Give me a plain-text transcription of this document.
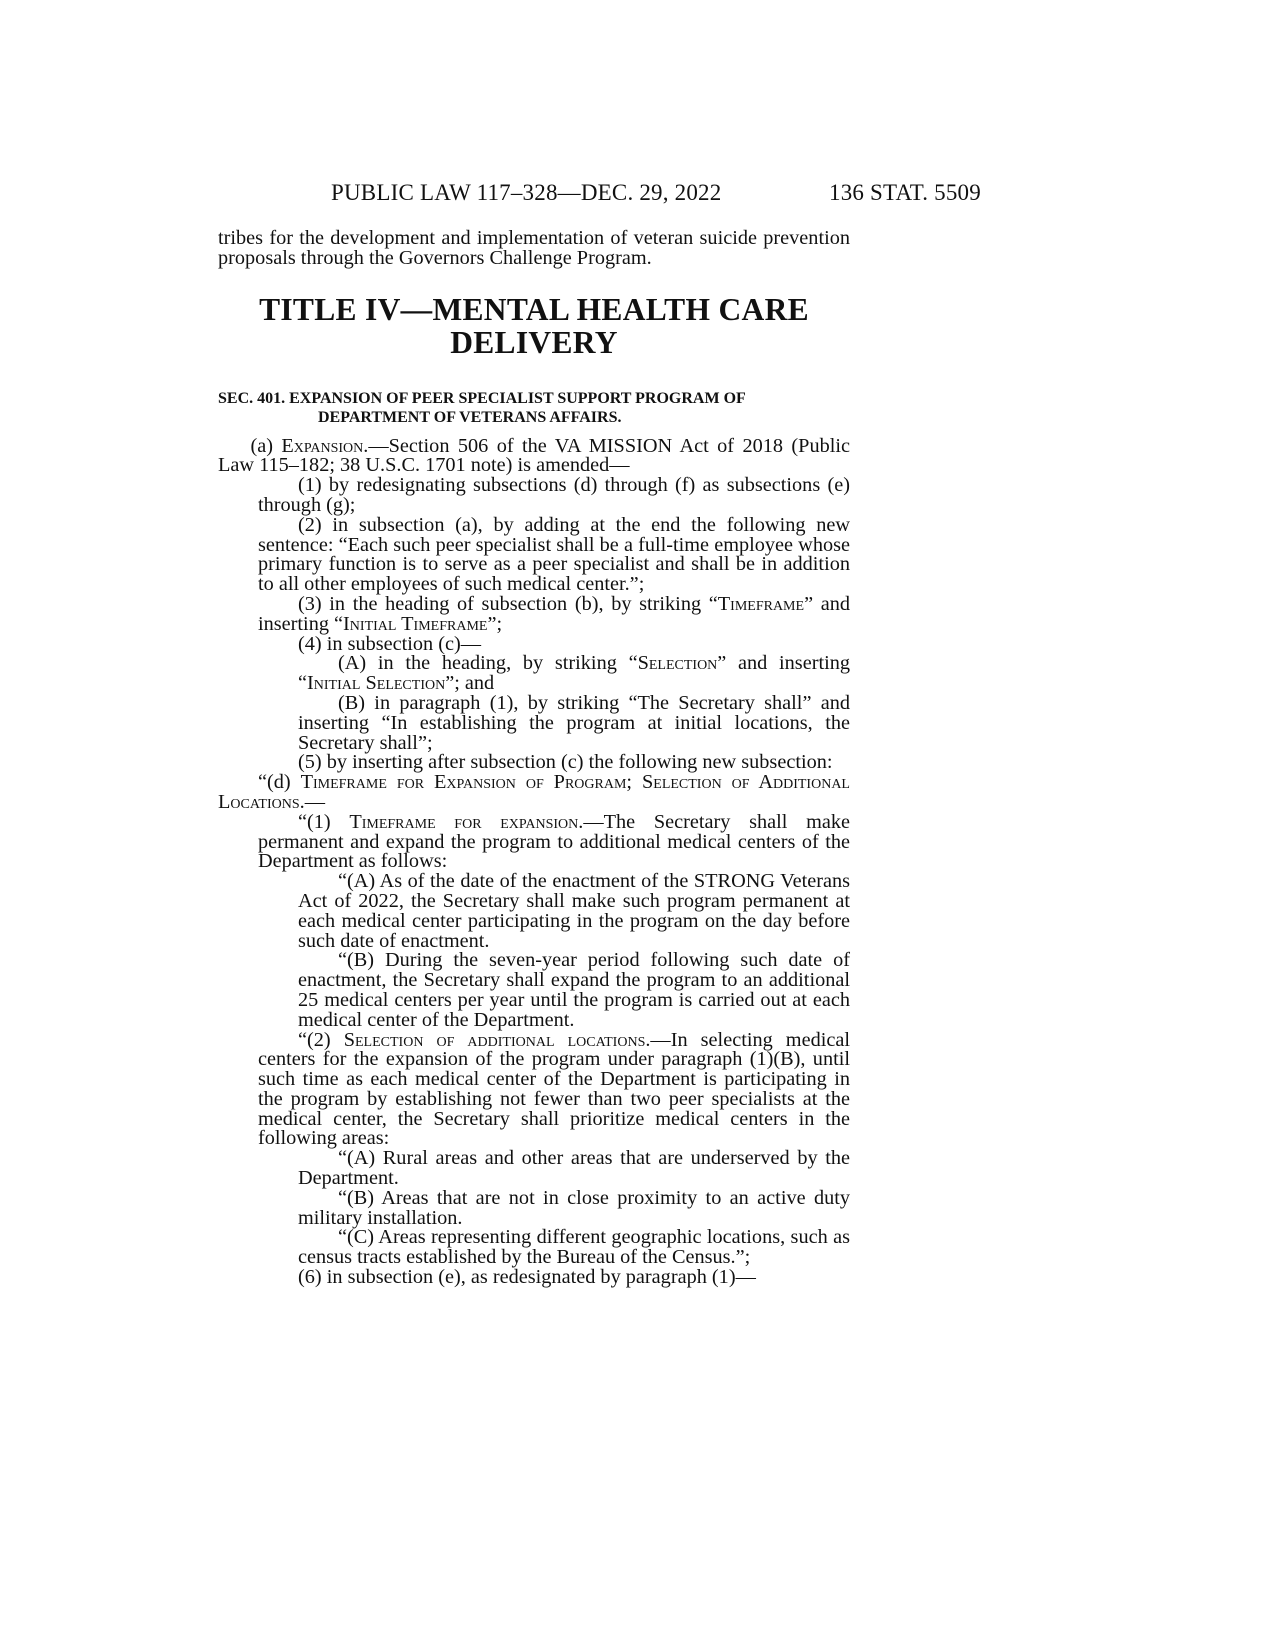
PUBLIC LAW 117–328—DEC. 29, 2022	136 STAT. 5509

tribes for the development and implementation of veteran suicide prevention proposals through the Governors Challenge Program.

TITLE IV—MENTAL HEALTH CARE
DELIVERY

SEC. 401. EXPANSION OF PEER SPECIALIST SUPPORT PROGRAM OF DEPARTMENT OF VETERANS AFFAIRS.

(a) Expansion.—Section 506 of the VA MISSION Act of 2018 (Public Law 115–182; 38 U.S.C. 1701 note) is amended—

(1) by redesignating subsections (d) through (f) as subsections (e) through (g);

(2) in subsection (a), by adding at the end the following new sentence: “Each such peer specialist shall be a full-time employee whose primary function is to serve as a peer specialist and shall be in addition to all other employees of such medical center.”;

(3) in the heading of subsection (b), by striking “Timeframe” and inserting “Initial Timeframe”;

(4) in subsection (c)—

(A) in the heading, by striking “Selection” and inserting “Initial Selection”; and

(B) in paragraph (1), by striking “The Secretary shall” and inserting “In establishing the program at initial locations, the Secretary shall”;

(5) by inserting after subsection (c) the following new subsection:

“(d) Timeframe for Expansion of Program; Selection of Additional Locations.—

“(1) Timeframe for expansion.—The Secretary shall make permanent and expand the program to additional medical centers of the Department as follows:

“(A) As of the date of the enactment of the STRONG Veterans Act of 2022, the Secretary shall make such program permanent at each medical center participating in the program on the day before such date of enactment.

“(B) During the seven-year period following such date of enactment, the Secretary shall expand the program to an additional 25 medical centers per year until the program is carried out at each medical center of the Department.

“(2) Selection of additional locations.—In selecting medical centers for the expansion of the program under paragraph (1)(B), until such time as each medical center of the Department is participating in the program by establishing not fewer than two peer specialists at the medical center, the Secretary shall prioritize medical centers in the following areas:

“(A) Rural areas and other areas that are underserved by the Department.

“(B) Areas that are not in close proximity to an active duty military installation.

“(C) Areas representing different geographic locations, such as census tracts established by the Bureau of the Census.”;

(6) in subsection (e), as redesignated by paragraph (1)—
